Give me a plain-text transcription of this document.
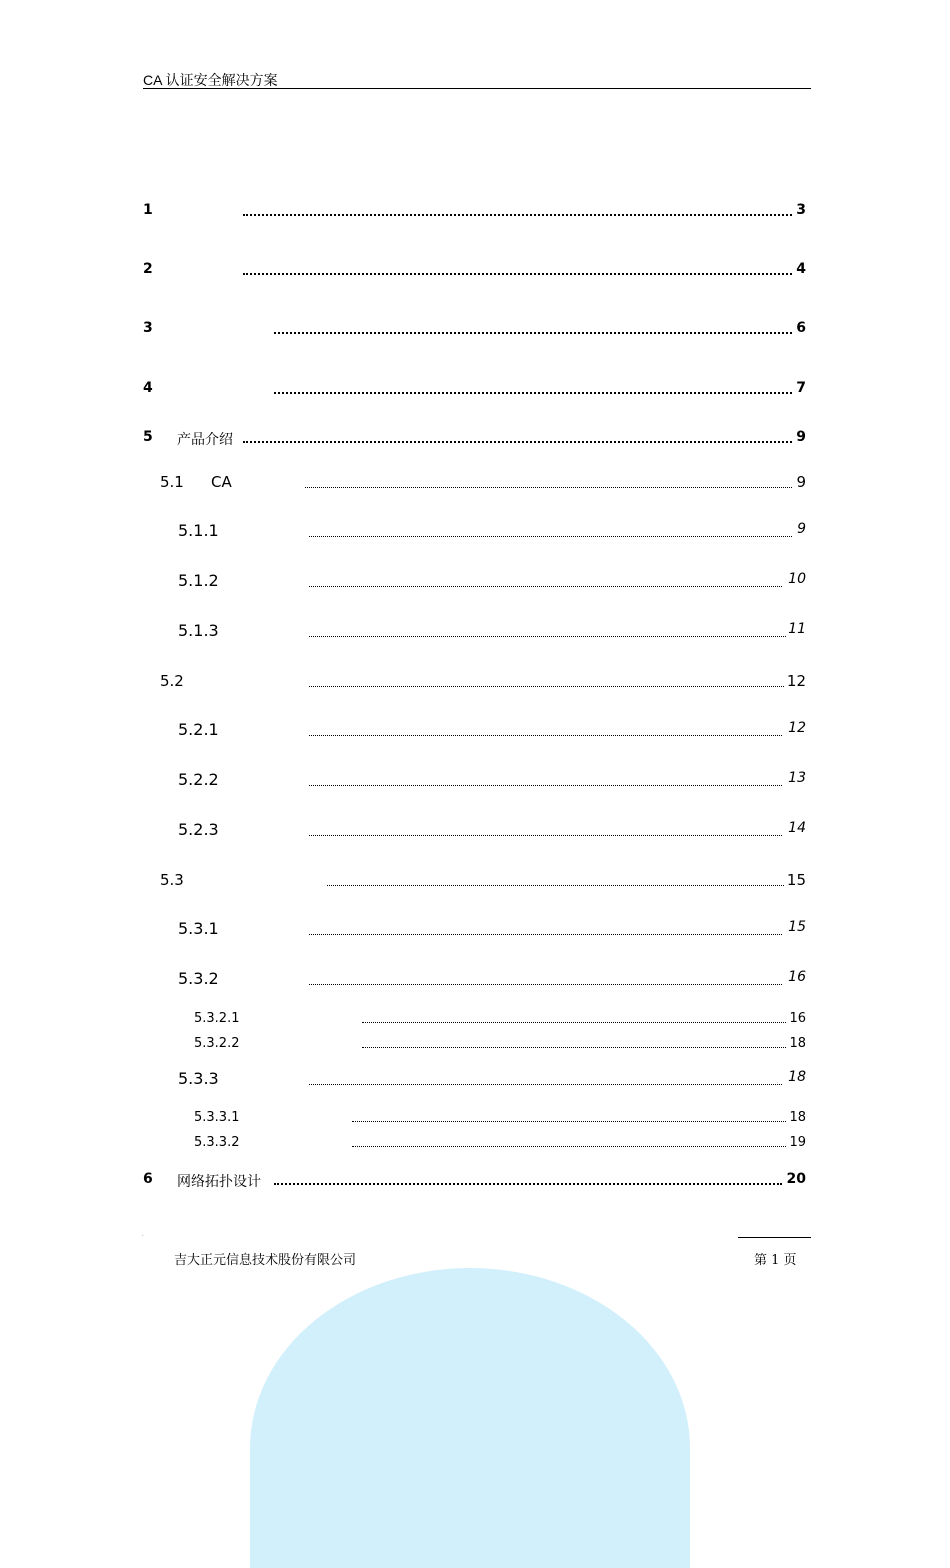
CA 认证安全解决方案
1	3
2	4
3	6
4	7
5 产品介绍	9
5.1 CA	9
5.1.1	9
5.1.2	10
5.1.3	11
5.2	12
5.2.1	12
5.2.2	13
5.2.3	14
5.3	15
5.3.1	15
5.3.2	16
5.3.2.1	16
5.3.2.2	18
5.3.3	18
5.3.3.1	18
5.3.3.2	19
6 网络拓扑设计	20
.
吉大正元信息技术股份有限公司	第 1 页
